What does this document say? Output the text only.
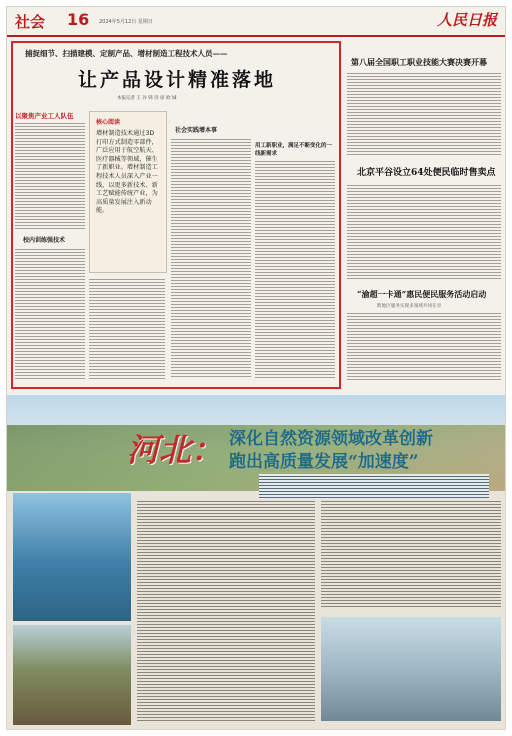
社会 16 2024年5月12日 星期日	人民日报
捕捉细节、扫描建模、定制产品、增材制造工程技术人员——
让产品设计精准落地
本报记者 王 谷 韩 洋 席 欧 城
以聚焦产业工人队伍
校内训练强技术
核心阅读
增材制造技术通过3D打印方式制造零部件，广泛应用于航空航天、医疗器械等领域，催生了新职业。增材制造工程技术人员深入产业一线，以更多新技术、新工艺赋能传统产业，为高质量发展注入新动能。
社会实践增本事
用工新职业，满足不断变化的一线新需求
第八届全国职工职业技能大赛决赛开幕
北京平谷设立64处便民临时售卖点
“渝超一卡通”惠民便民服务活动启动
跨地区服务实现多领域共同在享
河北： 深化自然资源领域改革创新
跑出高质量发展“加速度”
